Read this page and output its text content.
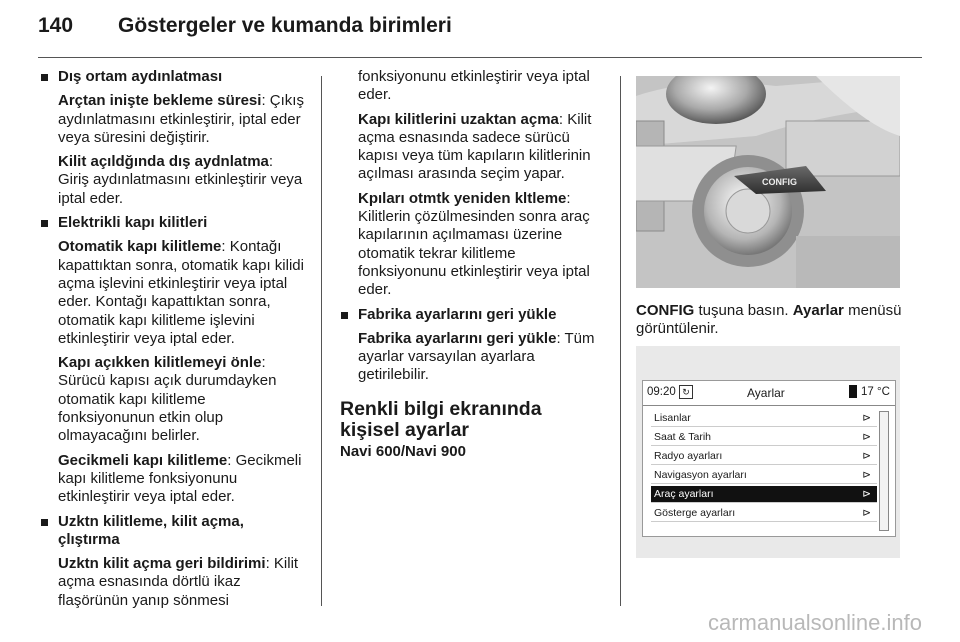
140 Göstergeler ve kumanda birimleri
Dış ortam aydınlatması

Arçtan inişte bekleme süresi: Çıkış aydınlatmasını etkinleştirir, iptal eder veya süresini değiştirir.

Kilit açıldğında dış aydnlatma: Giriş aydınlatmasını etkinleştirir veya iptal eder.

Elektrikli kapı kilitleri

Otomatik kapı kilitleme: Kontağı kapattıktan sonra, otomatik kapı kilidi açma işlevini etkinleştirir veya iptal eder. Kontağı kapattıktan sonra, otomatik kapı kilitleme işlevini etkinleştirir veya iptal eder.

Kapı açıkken kilitlemeyi önle: Sürücü kapısı açık durumdayken otomatik kapı kilitleme fonksiyonunun etkin olup olmayacağını belirler.

Gecikmeli kapı kilitleme: Gecikmeli kapı kilitleme fonksiyonunu etkinleştirir veya iptal eder.

Uzktn kilitleme, kilit açma, çlıştırma

Uzktn kilit açma geri bildirimi: Kilit açma esnasında dörtlü ikaz flaşörünün yanıp sönmesi

fonksiyonunu etkinleştirir veya iptal eder.

Kapı kilitlerini uzaktan açma: Kilit açma esnasında sadece sürücü kapısı veya tüm kapıların kilitlerinin açılması arasında seçim yapar.

Kpıları otmtk yeniden kltleme: Kilitlerin çözülmesinden sonra araç kapılarının açılmaması üzerine otomatik tekrar kilitleme fonksiyonunu etkinleştirir veya iptal eder.

Fabrika ayarlarını geri yükle

Fabrika ayarlarını geri yükle: Tüm ayarlar varsayılan ayarlara getirilebilir.

Renkli bilgi ekranında kişisel ayarlar
Navi 600/Navi 900
CONFIG

CONFIG tuşuna basın. Ayarlar menüsü görüntülenir.

09:20 ↻	Ayarlar	17 °C
Lisanlar	⊳
Saat & Tarih	⊳
Radyo ayarları	⊳
Navigasyon ayarları	⊳
Araç ayarları	⊳
Gösterge ayarları	⊳
carmanualsonline.info
